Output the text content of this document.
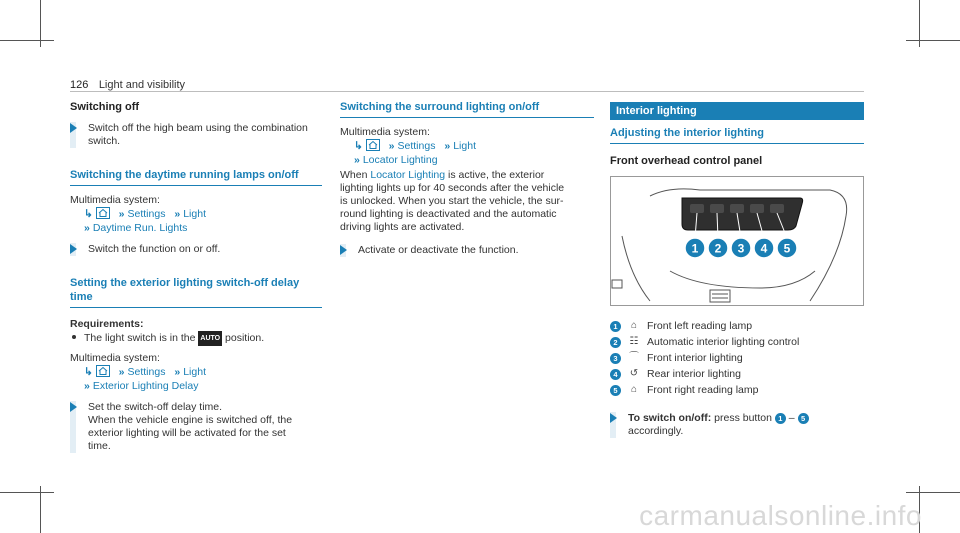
126 Light and visibility

Switching off

Switch off the high beam using the combination switch.

Switching the daytime running lamps on/off

Multimedia system:

↳ » Settings » Light
» Daytime Run. Lights

Switch the function on or off.

Setting the exterior lighting switch-off delay

time

Requirements:

The light switch is in the AUTO position.

Multimedia system:

↳ » Settings » Light
» Exterior Lighting Delay

Set the switch-off delay time.

When the vehicle engine is switched off, the

exterior lighting will be activated for the set

time.

Switching the surround lighting on/off

Multimedia system:

↳ » Settings » Light
» Locator Lighting

When Locator Lighting is active, the exterior

lighting lights up for 40 seconds after the vehicle

is unlocked. When you start the vehicle, the sur-

round lighting is deactivated and the automatic

driving lights are activated.

Activate or deactivate the function.

Interior lighting

Adjusting the interior lighting

Front overhead control panel

1 2 3 4 5
1	⌂ Front left reading lamp
2	☷ Automatic interior lighting control
3	⌒ Front interior lighting
4	↺ Rear interior lighting
5	⌂ Front right reading lamp

To switch on/off: press button 1 – 5

accordingly.

carmanualsonline.info
